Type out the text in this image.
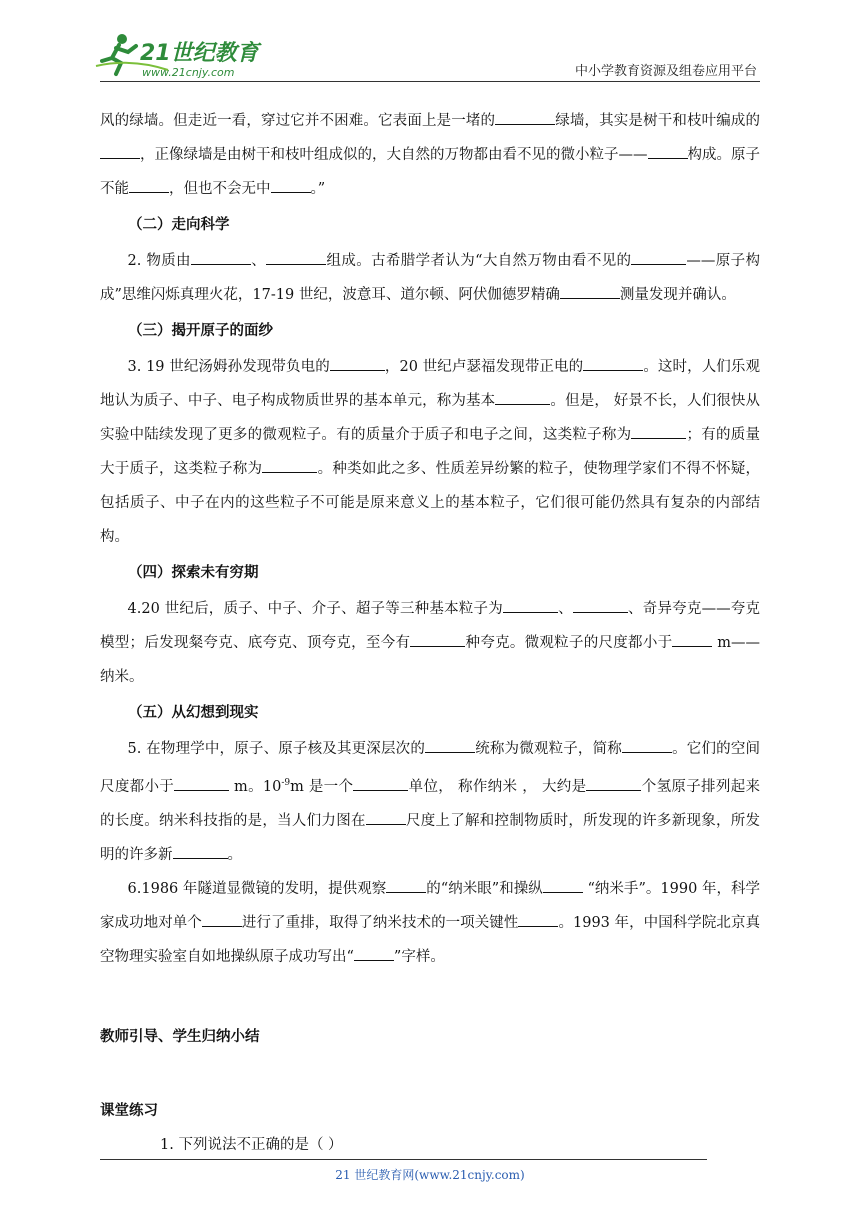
21世纪教育
www.21cnjy.com	中小学教育资源及组卷应用平台

风的绿墙。但走近一看，穿过它并不困难。它表面上是一堵的	绿墙，其实是树干和枝叶编成的，正像绿墙是由树干和枝叶组成似的，大自然的万物都由看不见的微小粒子——	构成。原子不能	，但也不会无中	。”

（二）走向科学

2. 物质由	、	组成。古希腊学者认为“大自然万物由看不见的	——原子构成”思维闪烁真理火花，17-19 世纪，波意耳、道尔顿、阿伏伽德罗精确	测量发现并确认。

（三）揭开原子的面纱

3. 19 世纪汤姆孙发现带负电的	，20 世纪卢瑟福发现带正电的	。这时，人们乐观地认为质子、中子、电子构成物质世界的基本单元，称为基本	。但是， 好景不长，人们很快从实验中陆续发现了更多的微观粒子。有的质量介于质子和电子之间，这类粒子称为	；有的质量大于质子，这类粒子称为	。种类如此之多、性质差异纷繁的粒子，使物理学家们不得不怀疑，包括质子、中子在内的这些粒子不可能是原来意义上的基本粒子，它们很可能仍然具有复杂的内部结构。

（四）探索未有穷期

4.20 世纪后，质子、中子、介子、超子等三种基本粒子为	、	、奇异夸克——夸克模型；后发现粲夸克、底夸克、顶夸克，至今有	种夸克。微观粒子的尺度都小于	m——纳米。

（五）从幻想到现实

5. 在物理学中，原子、原子核及其更深层次的	统称为微观粒子，简称	。它们的空间尺度都小于	m。$10^{-9}m$ 是一个	单位， 称作纳米 ， 大约是	个氢原子排列起来的长度。纳米科技指的是，当人们力图在	尺度上了解和控制物质时，所发现的许多新现象，所发明的许多新	。

6.1986 年隧道显微镜的发明，提供观察	的“纳米眼”和操纵	“纳米手”。1990 年，科学家成功地对单个	进行了重排，取得了纳米技术的一项关键性	。1993 年，中国科学院北京真空物理实验室自如地操纵原子成功写出“	”字样。

教师引导、学生归纳小结
课堂练习
1. 下列说法不正确的是（ ）
21 世纪教育网(www.21cnjy.com)
